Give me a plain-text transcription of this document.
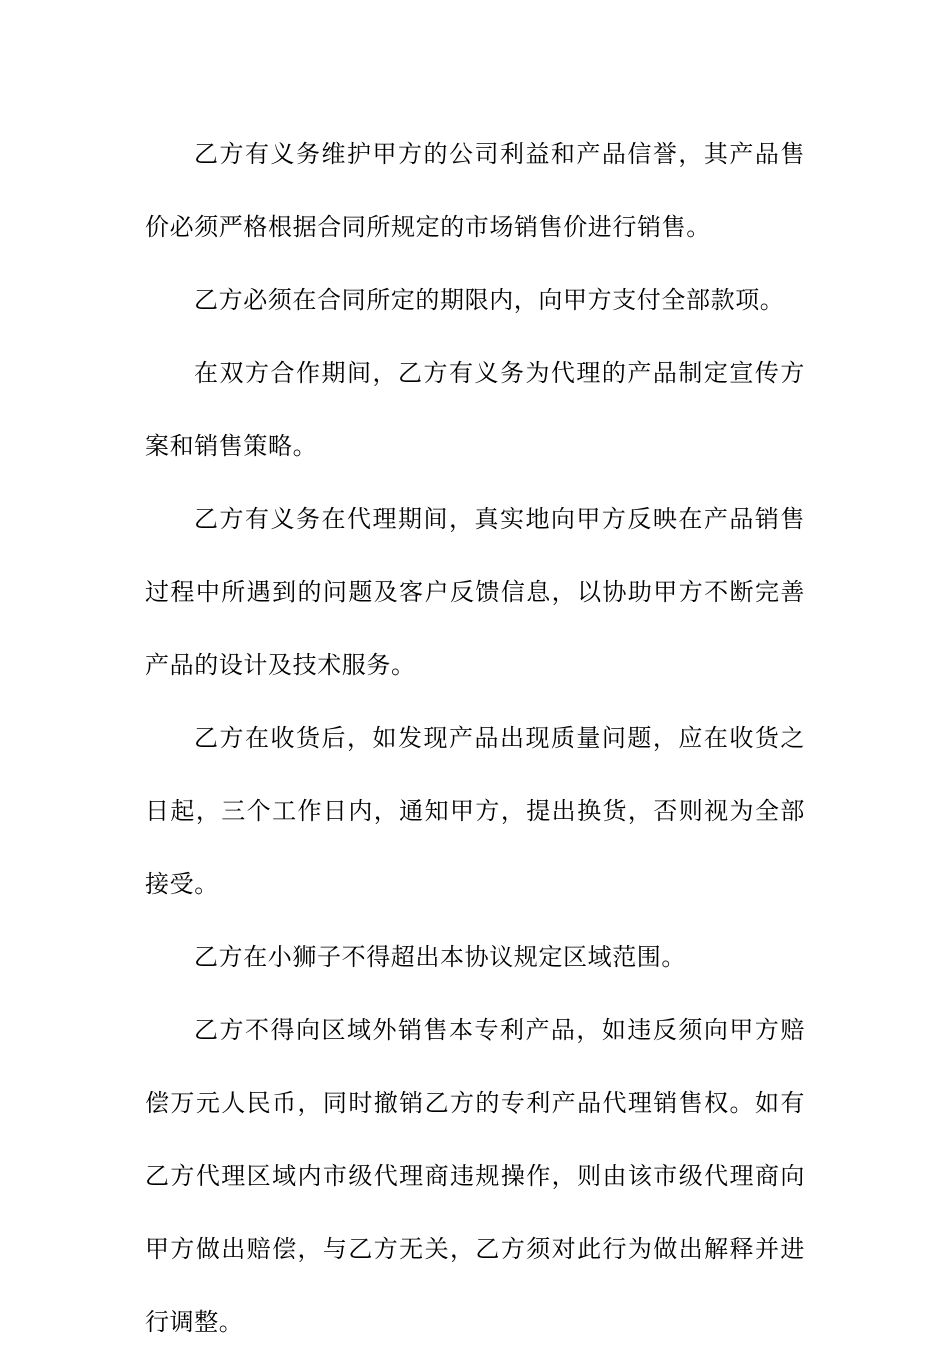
乙方有义务维护甲方的公司利益和产品信誉，其产品售价必须严格根据合同所规定的市场销售价进行销售。

乙方必须在合同所定的期限内，向甲方支付全部款项。

在双方合作期间，乙方有义务为代理的产品制定宣传方案和销售策略。

乙方有义务在代理期间，真实地向甲方反映在产品销售过程中所遇到的问题及客户反馈信息，以协助甲方不断完善产品的设计及技术服务。

乙方在收货后，如发现产品出现质量问题，应在收货之日起，三个工作日内，通知甲方，提出换货，否则视为全部接受。

乙方在小狮子不得超出本协议规定区域范围。

乙方不得向区域外销售本专利产品，如违反须向甲方赔偿万元人民币，同时撤销乙方的专利产品代理销售权。如有乙方代理区域内市级代理商违规操作，则由该市级代理商向甲方做出赔偿，与乙方无关，乙方须对此行为做出解释并进行调整。
